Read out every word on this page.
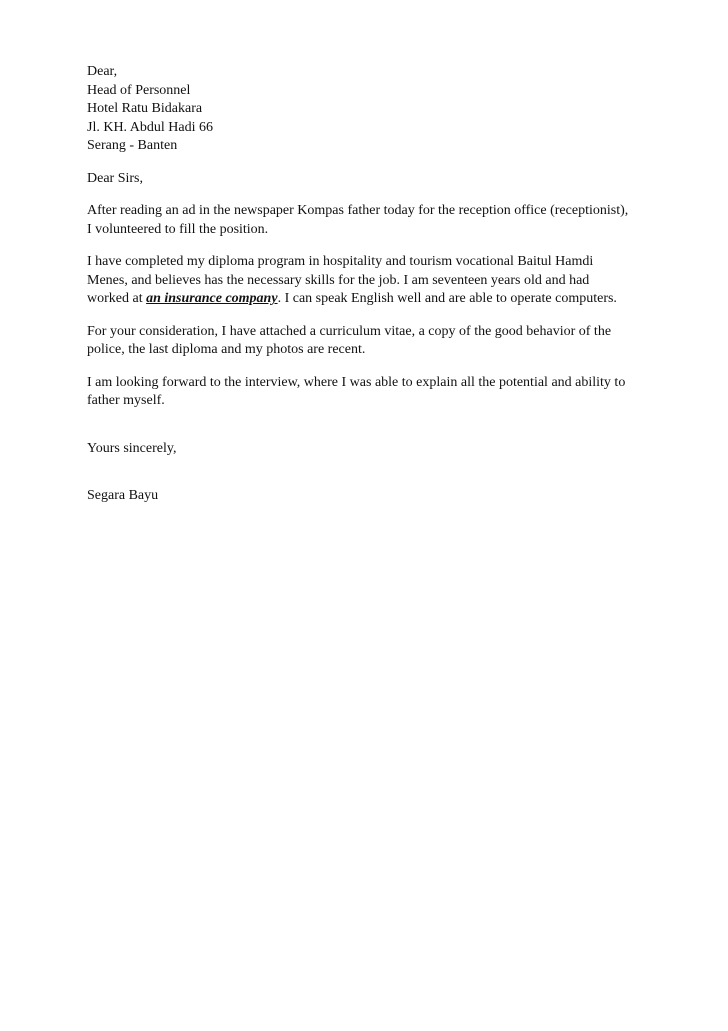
Dear,
Head of Personnel
Hotel Ratu Bidakara
Jl. KH. Abdul Hadi 66
Serang - Banten
Dear Sirs,
After reading an ad in the newspaper Kompas father today for the reception office (receptionist),
I volunteered to fill the position.
I have completed my diploma program in hospitality and tourism vocational Baitul Hamdi
Menes, and believes has the necessary skills for the job. I am seventeen years old and had
worked at an insurance company. I can speak English well and are able to operate computers.
For your consideration, I have attached a curriculum vitae, a copy of the good behavior of the
police, the last diploma and my photos are recent.
I am looking forward to the interview, where I was able to explain all the potential and ability to
father myself.
Yours sincerely,
Segara Bayu
